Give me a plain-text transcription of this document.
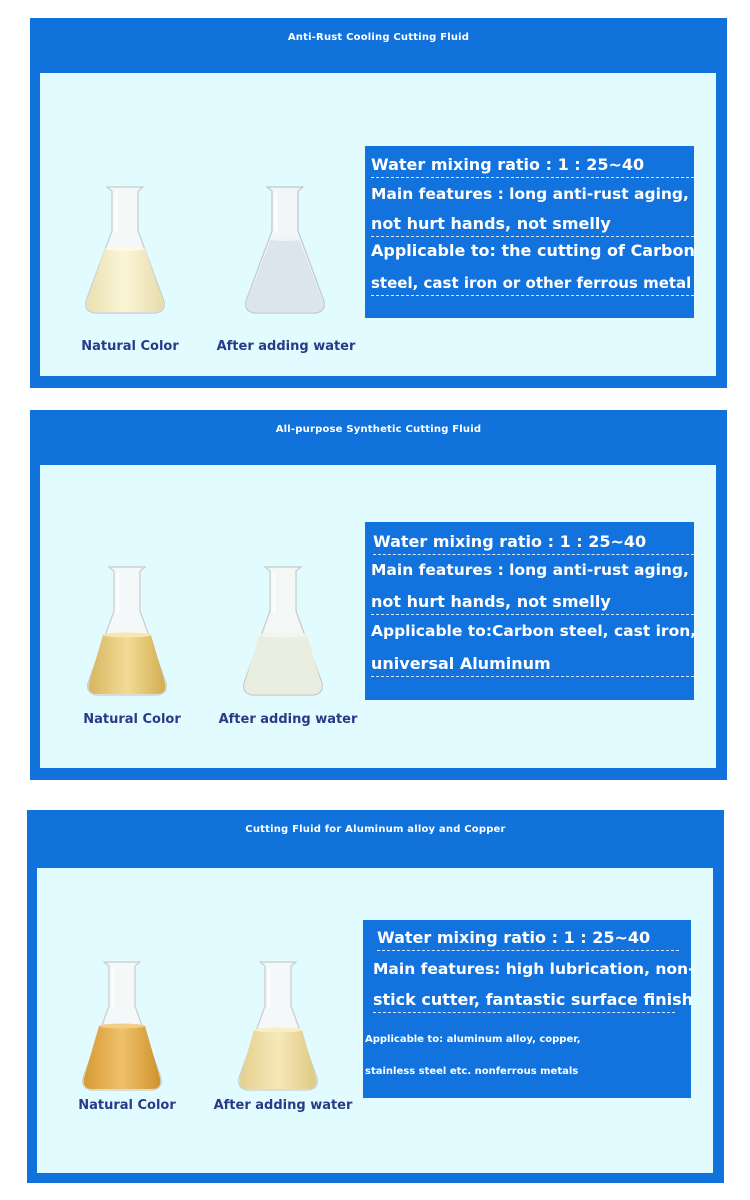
Anti-Rust Cooling Cutting Fluid
Natural Color	After adding water
Water mixing ratio : 1 : 25~40
Main features : long anti-rust aging,
not hurt hands, not smelly
Applicable to: the cutting of Carbon
steel, cast iron or other ferrous metal
All-purpose Synthetic Cutting Fluid
Natural Color	After adding water
Water mixing ratio : 1 : 25~40
Main features : long anti-rust aging,
not hurt hands, not smelly
Applicable to:Carbon steel, cast iron,
universal Aluminum
Cutting Fluid for Aluminum alloy and Copper
Natural Color	After adding water
Water mixing ratio : 1 : 25~40
Main features: high lubrication, non-
stick cutter, fantastic surface finish
Applicable to: aluminum alloy, copper,
stainless steel etc. nonferrous metals
